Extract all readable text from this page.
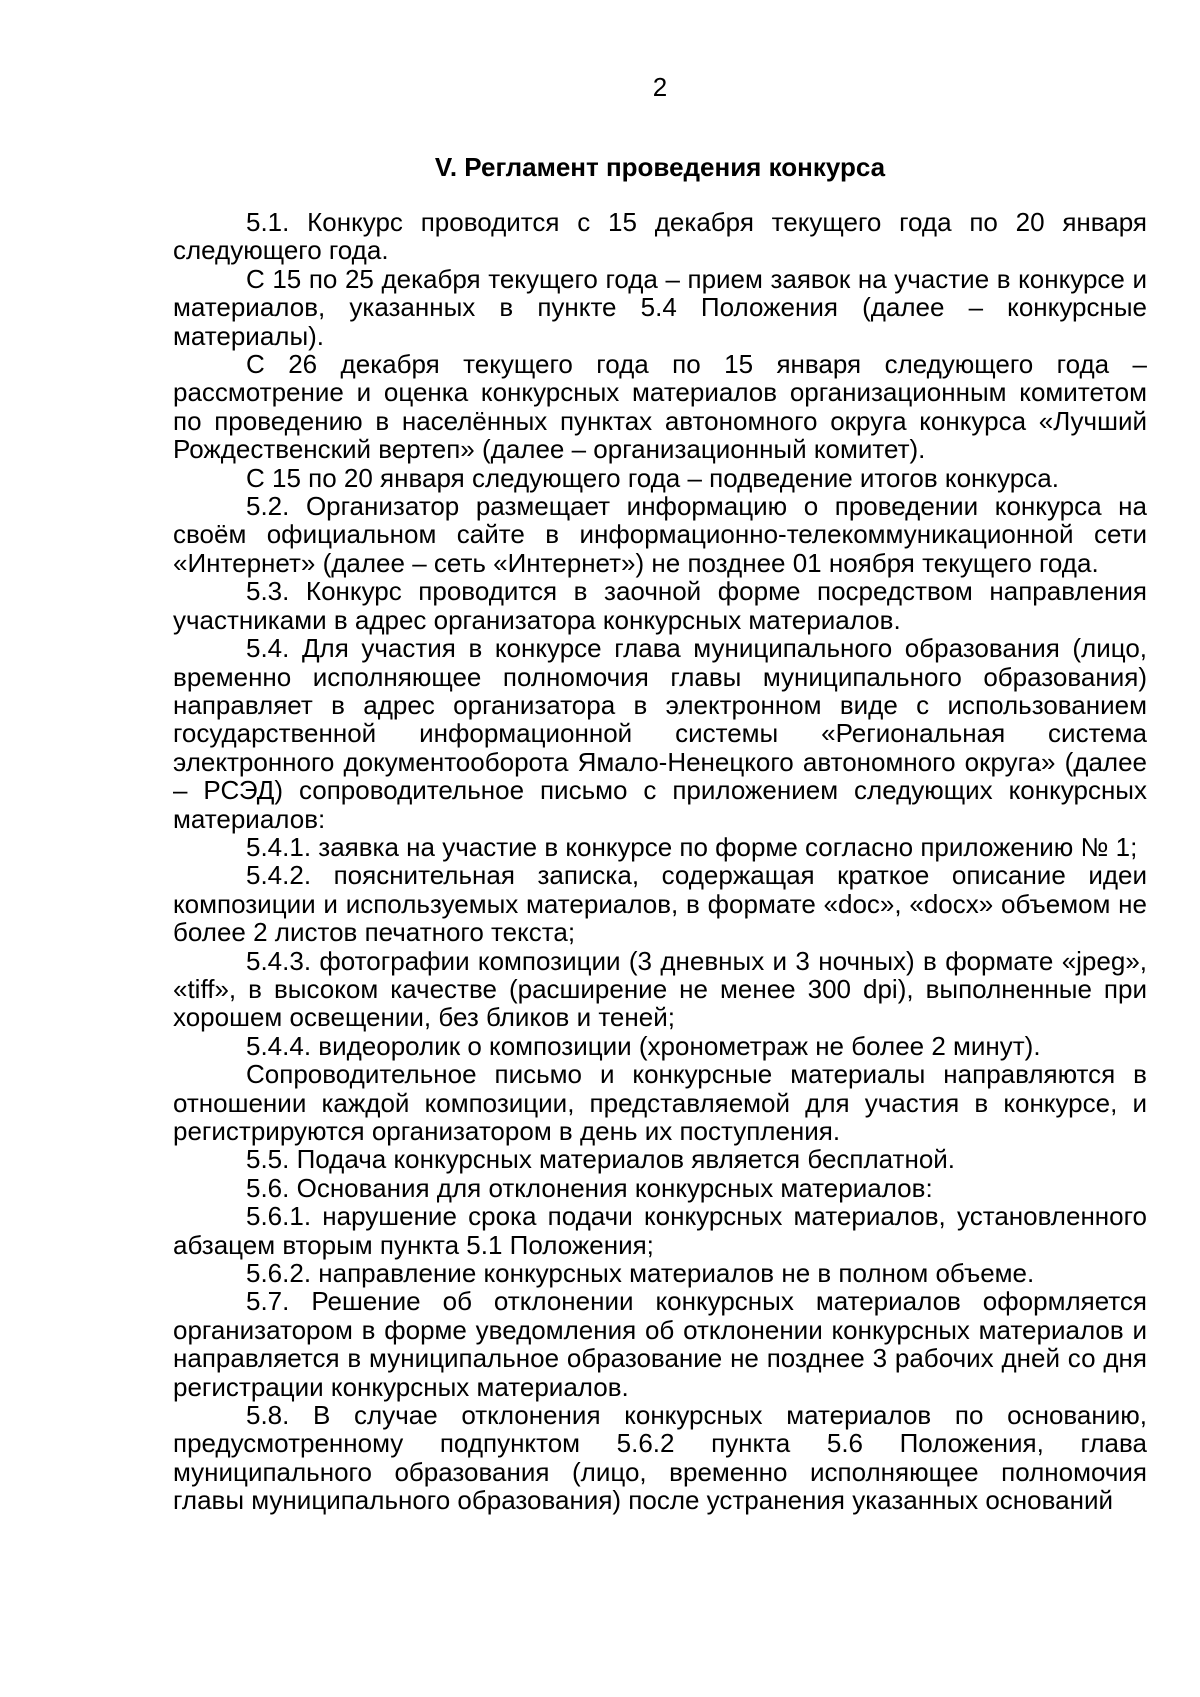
2
V. Регламент проведения конкурса

5.1. Конкурс проводится с 15 декабря текущего года по 20 января следующего года.

С 15 по 25 декабря текущего года – прием заявок на участие в конкурсе и материалов, указанных в пункте 5.4 Положения (далее – конкурсные материалы).

С 26 декабря текущего года по 15 января следующего года – рассмотрение и оценка конкурсных материалов организационным комитетом по проведению в населённых пунктах автономного округа конкурса «Лучший Рождественский вертеп» (далее – организационный комитет).

С 15 по 20 января следующего года – подведение итогов конкурса.

5.2. Организатор размещает информацию о проведении конкурса на своём официальном сайте в информационно-телекоммуникационной сети «Интернет» (далее – сеть «Интернет») не позднее 01 ноября текущего года.

5.3. Конкурс проводится в заочной форме посредством направления участниками в адрес организатора конкурсных материалов.

5.4. Для участия в конкурсе глава муниципального образования (лицо, временно исполняющее полномочия главы муниципального образования) направляет в адрес организатора в электронном виде с использованием государственной информационной системы «Региональная система электронного документооборота Ямало-Ненецкого автономного округа» (далее – РСЭД) сопроводительное письмо с приложением следующих конкурсных материалов:

5.4.1. заявка на участие в конкурсе по форме согласно приложению № 1;

5.4.2. пояснительная записка, содержащая краткое описание идеи композиции и используемых материалов, в формате «doc», «docx» объемом не более 2 листов печатного текста;

5.4.3. фотографии композиции (3 дневных и 3 ночных) в формате «jpeg», «tiff», в высоком качестве (расширение не менее 300 dpi), выполненные при хорошем освещении, без бликов и теней;

5.4.4. видеоролик о композиции (хронометраж не более 2 минут).

Сопроводительное письмо и конкурсные материалы направляются в отношении каждой композиции, представляемой для участия в конкурсе, и регистрируются организатором в день их поступления.

5.5. Подача конкурсных материалов является бесплатной.

5.6. Основания для отклонения конкурсных материалов:

5.6.1. нарушение срока подачи конкурсных материалов, установленного абзацем вторым пункта 5.1 Положения;

5.6.2. направление конкурсных материалов не в полном объеме.

5.7. Решение об отклонении конкурсных материалов оформляется организатором в форме уведомления об отклонении конкурсных материалов и направляется в муниципальное образование не позднее 3 рабочих дней со дня регистрации конкурсных материалов.

5.8. В случае отклонения конкурсных материалов по основанию, предусмотренному подпунктом 5.6.2 пункта 5.6 Положения, глава муниципального образования (лицо, временно исполняющее полномочия главы муниципального образования) после устранения указанных оснований
